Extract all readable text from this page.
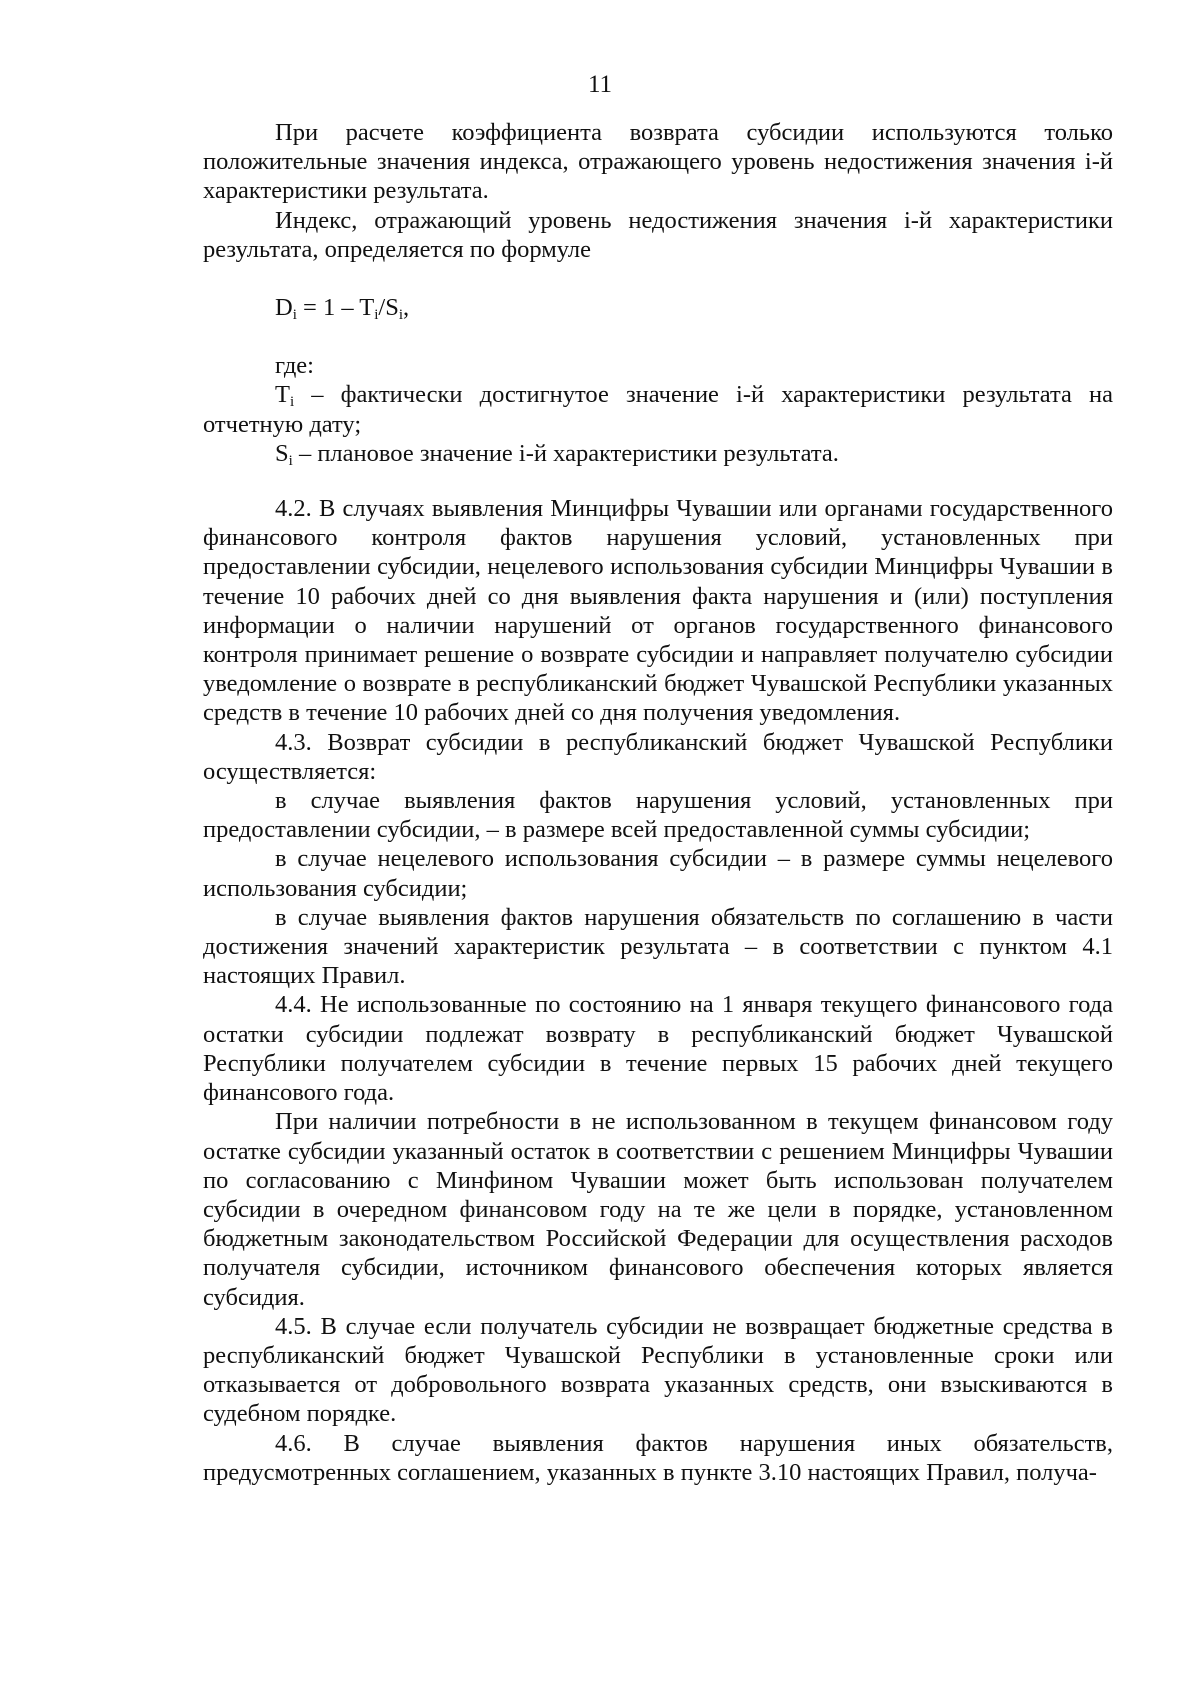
11

При расчете коэффициента возврата субсидии используются только положительные значения индекса, отражающего уровень недостижения значения i-й характеристики результата.

Индекс, отражающий уровень недостижения значения i-й характеристики результата, определяется по формуле

$D_i = 1 - T_i/S_i$,

где:

$T_i$ – фактически достигнутое значение i-й характеристики результата на отчетную дату;

$S_i$ – плановое значение i-й характеристики результата.

4.2. В случаях выявления Минцифры Чувашии или органами государственного финансового контроля фактов нарушения условий, установленных при предоставлении субсидии, нецелевого использования субсидии Минцифры Чувашии в течение 10 рабочих дней со дня выявления факта нарушения и (или) поступления информации о наличии нарушений от органов государственного финансового контроля принимает решение о возврате субсидии и направляет получателю субсидии уведомление о возврате в республиканский бюджет Чувашской Республики указанных средств в течение 10 рабочих дней со дня получения уведомления.

4.3. Возврат субсидии в республиканский бюджет Чувашской Республики осуществляется:

в случае выявления фактов нарушения условий, установленных при предоставлении субсидии, – в размере всей предоставленной суммы субсидии;

в случае нецелевого использования субсидии – в размере суммы нецелевого использования субсидии;

в случае выявления фактов нарушения обязательств по соглашению в части достижения значений характеристик результата – в соответствии с пунктом 4.1 настоящих Правил.

4.4. Не использованные по состоянию на 1 января текущего финансового года остатки субсидии подлежат возврату в республиканский бюджет Чувашской Республики получателем субсидии в течение первых 15 рабочих дней текущего финансового года.

При наличии потребности в не использованном в текущем финансовом году остатке субсидии указанный остаток в соответствии с решением Минцифры Чувашии по согласованию с Минфином Чувашии может быть использован получателем субсидии в очередном финансовом году на те же цели в порядке, установленном бюджетным законодательством Российской Федерации для осуществления расходов получателя субсидии, источником финансового обеспечения которых является субсидия.

4.5. В случае если получатель субсидии не возвращает бюджетные средства в республиканский бюджет Чувашской Республики в установленные сроки или отказывается от добровольного возврата указанных средств, они взыскиваются в судебном порядке.

4.6. В случае выявления фактов нарушения иных обязательств, предусмотренных соглашением, указанных в пункте 3.10 настоящих Правил, получа-
